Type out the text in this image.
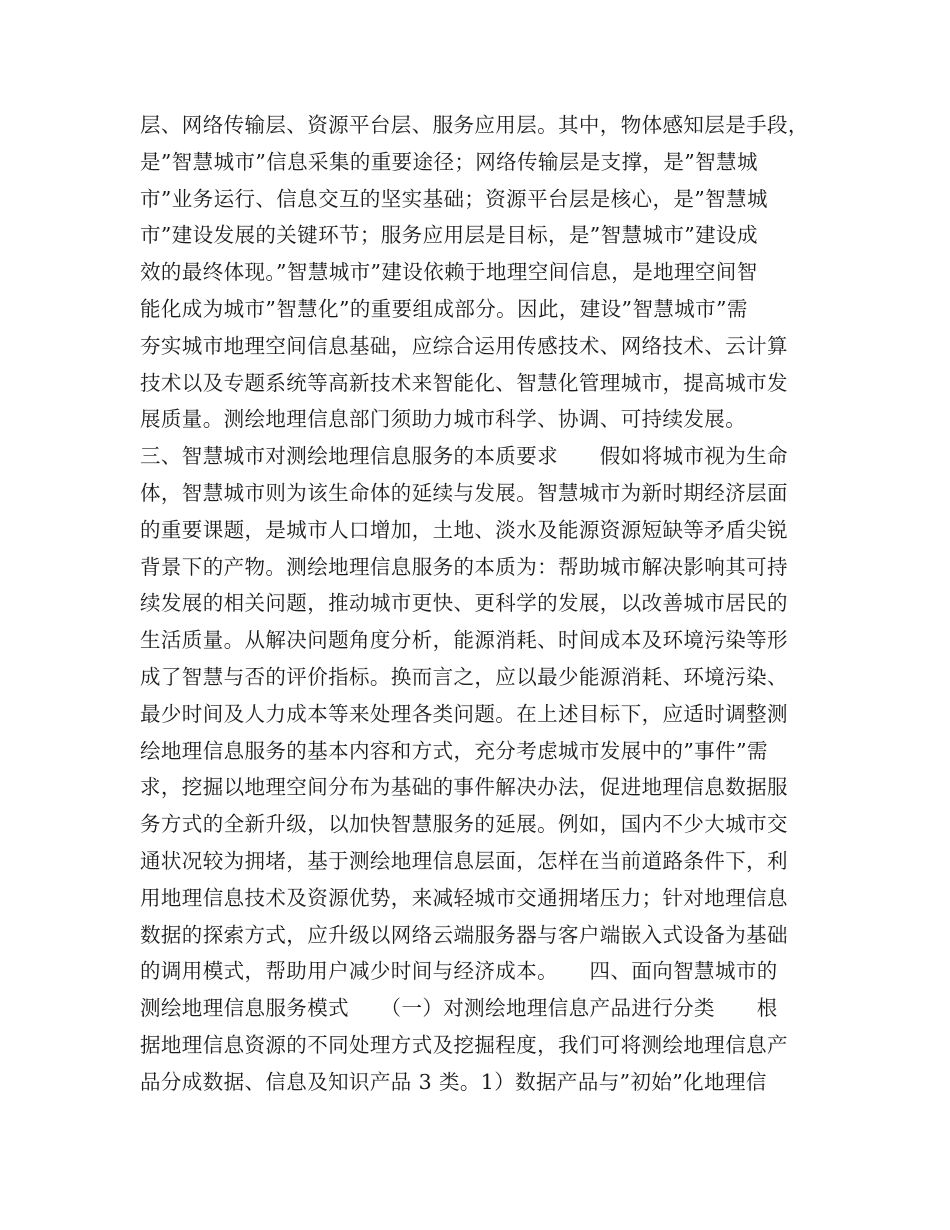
层、网络传输层、资源平台层、服务应用层。其中，物体感知层是手段，
是”智慧城市”信息采集的重要途径；网络传输层是支撑，是”智慧城
市”业务运行、信息交互的坚实基础；资源平台层是核心，是”智慧城
市”建设发展的关键环节；服务应用层是目标，是”智慧城市”建设成
效的最终体现。”智慧城市”建设依赖于地理空间信息，是地理空间智
能化成为城市”智慧化”的重要组成部分。因此，建设”智慧城市”需
夯实城市地理空间信息基础，应综合运用传感技术、网络技术、云计算
技术以及专题系统等高新技术来智能化、智慧化管理城市，提高城市发
展质量。测绘地理信息部门须助力城市科学、协调、可持续发展。
三、智慧城市对测绘地理信息服务的本质要求　　假如将城市视为生命
体，智慧城市则为该生命体的延续与发展。智慧城市为新时期经济层面
的重要课题，是城市人口增加，土地、淡水及能源资源短缺等矛盾尖锐
背景下的产物。测绘地理信息服务的本质为：帮助城市解决影响其可持
续发展的相关问题，推动城市更快、更科学的发展，以改善城市居民的
生活质量。从解决问题角度分析，能源消耗、时间成本及环境污染等形
成了智慧与否的评价指标。换而言之，应以最少能源消耗、环境污染、
最少时间及人力成本等来处理各类问题。在上述目标下，应适时调整测
绘地理信息服务的基本内容和方式，充分考虑城市发展中的”事件”需
求，挖掘以地理空间分布为基础的事件解决办法，促进地理信息数据服
务方式的全新升级，以加快智慧服务的延展。例如，国内不少大城市交
通状况较为拥堵，基于测绘地理信息层面，怎样在当前道路条件下，利
用地理信息技术及资源优势，来减轻城市交通拥堵压力；针对地理信息
数据的探索方式，应升级以网络云端服务器与客户端嵌入式设备为基础
的调用模式，帮助用户减少时间与经济成本。　　四、面向智慧城市的
测绘地理信息服务模式　　（一）对测绘地理信息产品进行分类　　根
据地理信息资源的不同处理方式及挖掘程度，我们可将测绘地理信息产
品分成数据、信息及知识产品 3 类。1）数据产品与”初始”化地理信
